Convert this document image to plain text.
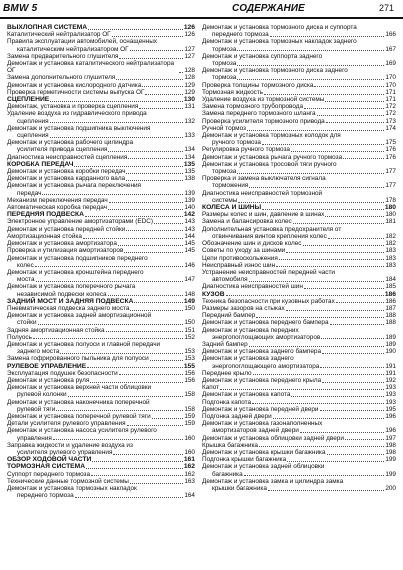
BMW 5	СОДЕРЖАНИЕ	271
ВЫХЛОПНАЯ СИСТЕМА	126
Каталитический нейтрализатор ОГ	126
Правила эксплуатации автомобилей, оснащенных
каталитическим нейтрализатором ОГ	127
Замена предварительного глушителя	127
Демонтаж и установка каталитического нейтрализатора ОГ	128
Замена дополнительного глушителя	128
Демонтаж и установка кислородного датчика	129
Проверка герметичности системы выпуска ОГ	129
СЦЕПЛЕНИЕ	130
Демонтаж, установка и проверка сцепления	131
Удаление воздуха из гидравлического привода
сцепления	132
Демонтаж и установка подшипника выключения
сцепления	133
Демонтаж и установка рабочего цилиндра
усилителя привода сцепления	134
Диагностика неисправностей сцепления	134
КОРОБКА ПЕРЕДАЧ	135
Демонтаж и установка коробки передач	135
Демонтаж и установка карданного вала	138
Демонтаж и установка рычага переключения
передач	139
Механизм переключения передач	139
Автоматическая коробка передач	140
ПЕРЕДНЯЯ ПОДВЕСКА	142
Электронное управление амортизаторами (EDC)	143
Демонтаж и установка передней стойки	143
Амортизационная стойка	144
Демонтаж и установка амортизатора	145
Проверка и утилизация амортизаторов	145
Демонтаж и установка подшипников переднего
колес	146
Демонтаж и установка кронштейна переднего
моста	147
Демонтаж и установка поперечного рычага
независимой подвески колеса	148
ЗАДНИЙ МОСТ И ЗАДНЯЯ ПОДВЕСКА	149
Пневматическая подвеска заднего моста	150
Демонтаж и установка задней амортизационной
стойки	150
Задняя амортизационная стойка	151
Полуось	152
Демонтаж и установка полуоси и главной передачи
заднего моста	153
Замена гофрированного пыльника для полуоси	153
РУЛЕВОЕ УПРАВЛЕНИЕ	155
Эксплуатация подушек безопасности	156
Демонтаж и установка руля	156
Демонтаж и установка верхней части облицовки
рулевой колонки	158
Демонтаж и установка наконечника поперечной
рулевой тяги	158
Демонтаж и установка поперечной рулевой тяги	159
Детали усилителя рулевого управления	159
Демонтаж и установка насоса усилителя рулевого
управления	160
Заправка жидкости и удаление воздуха из
усилителя рулевого управления	160
ОБЗОР ХОДОВОЙ ЧАСТИ	161
ТОРМОЗНАЯ СИСТЕМА	162
Суппорт переднего тормоза	162
Технические данные тормозной системы	163
Демонтаж и установка тормозных накладок
переднего тормоза	164
Демонтаж и установка тормозного диска и суппорта
переднего тормоза	166
Демонтаж и установка тормозных накладок заднего
тормоза	167
Демонтаж и установка суппорта заднего
тормоза	169
Демонтаж и установка тормозного диска заднего
тормоза	170
Проверка толщины тормозного диска	170
Тормозная жидкость	171
Удаление воздуха из тормозной системы	171
Замена тормозного трубопровода	172
Замена переднего тормозного шланга	172
Проверка усилителя тормозного привода	173
Ручной тормоз	174
Демонтаж и установка тормозных колодок для
ручного тормоза	175
Регулировка ручного тормоза	176
Демонтаж и установка рычага ручного тормоза	176
Демонтаж и установка тросовой тяги ручного
тормоза	177
Проверка и замена выключателя сигнала
торможения	177
Диагностика неисправностей тормозной
системы	178
КОЛЕСА И ШИНЫ	180
Размеры колес и шин, давление в шинах	180
Замена и балансировка колес	181
Дополнительная установка предохранителя от
отвинчивания винтов крепления колес	182
Обозначение шин и дисков колес	182
Советы по уходу за шинами	183
Цепи противоскольжения	183
Неисправный износ шин	183
Устранение неисправностей передней части
автомобиля	184
Диагностика неисправностей шин	185
КУЗОВ	186
Техника безопасности при кузовных работах	186
Размеры зазоров на стыках	187
Передний бампер	188
Демонтаж и установка переднего бампера	188
Демонтаж и установка передних
энергопоглощающих амортизаторов	189
Задний бампер	189
Демонтаж и установка заднего бампера	190
Демонтаж и установка заднего
энергопоглощающего амортизатора	191
Переднее крыло	191
Демонтаж и установка переднего крыла	192
Капот	193
Демонтаж и установка капота	193
Подгонка капота	193
Демонтаж и установка передней двери	195
Подгонка задней двери	196
Демонтаж и установка газонаполненных
амортизаторов задней двери	196
Демонтаж и установка облицовки задней двери	197
Крышка багажника	198
Демонтаж и установка крышки багажника	198
Подгонка крышки багажника	199
Демонтаж и установка задней облицовки
багажника	199
Демонтаж и установка замка и цилиндра замка
крышки багажника	200
